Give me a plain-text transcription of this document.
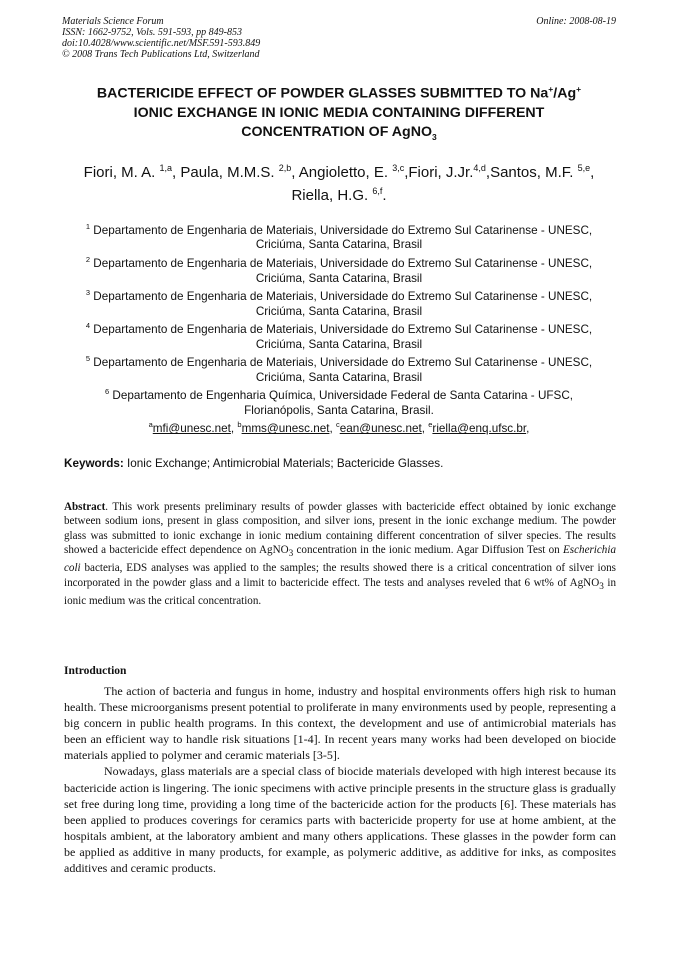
Materials Science Forum	Online: 2008-08-19
ISSN: 1662-9752, Vols. 591-593, pp 849-853
doi:10.4028/www.scientific.net/MSF.591-593.849
© 2008 Trans Tech Publications Ltd, Switzerland
BACTERICIDE EFFECT OF POWDER GLASSES SUBMITTED TO Na+/Ag+
IONIC EXCHANGE IN IONIC MEDIA CONTAINING DIFFERENT
CONCENTRATION OF AgNO$_3$
Fiori, M. A. $^{1,a}$, Paula, M.M.S. $^{2,b}$, Angioletto, E. $^{3,c}$,Fiori, J.Jr.$^{4,d}$,Santos, M.F. $^{5,e}$, Riella, H.G. $^{6,f}$.
$^1$ Departamento de Engenharia de Materiais, Universidade do Extremo Sul Catarinense - UNESC,
Criciúma, Santa Catarina, Brasil
$^2$ Departamento de Engenharia de Materiais, Universidade do Extremo Sul Catarinense - UNESC,
Criciúma, Santa Catarina, Brasil
$^3$ Departamento de Engenharia de Materiais, Universidade do Extremo Sul Catarinense - UNESC,
Criciúma, Santa Catarina, Brasil
$^4$ Departamento de Engenharia de Materiais, Universidade do Extremo Sul Catarinense - UNESC,
Criciúma, Santa Catarina, Brasil
$^5$ Departamento de Engenharia de Materiais, Universidade do Extremo Sul Catarinense - UNESC,
Criciúma, Santa Catarina, Brasil
$^6$ Departamento de Engenharia Química, Universidade Federal de Santa Catarina - UFSC,
Florianópolis, Santa Catarina, Brasil.
$^a$mfi@unesc.net, $^b$mms@unesc.net, $^c$ean@unesc.net, $^e$riella@enq.ufsc.br,
Keywords: Ionic Exchange; Antimicrobial Materials; Bactericide Glasses.
Abstract. This work presents preliminary results of powder glasses with bactericide effect obtained by ionic exchange between sodium ions, present in glass composition, and silver ions, present in the ionic exchange medium. The powder glass was submitted to ionic exchange in ionic medium containing different concentration of silver species. The results showed a bactericide effect dependence on AgNO$_3$ concentration in the ionic medium. Agar Diffusion Test on Escherichia coli bacteria, EDS analyses was applied to the samples; the results showed there is a critical concentration of silver ions incorporated in the powder glass and a limit to bactericide effect. The tests and analyses reveled that 6 wt% of AgNO$_3$ in ionic medium was the critical concentration.
Introduction

The action of bacteria and fungus in home, industry and hospital environments offers high risk to human health. These microorganisms present potential to proliferate in many environments used by people, representing a big concern in public health programs. In this context, the development and use of antimicrobial materials has been an efficient way to handle risk situations [1-4]. In recent years many works had been developed on biocide materials applied to polymer and ceramic materials [3-5].

Nowadays, glass materials are a special class of biocide materials developed with high interest because its bactericide action is lingering. The ionic specimens with active principle presents in the structure glass is gradually set free during long time, providing a long time of the bactericide action for the products [6]. These materials has been applied to produces coverings for ceramics parts with bactericide property for use at home ambient, at the hospitals ambient, at the laboratory ambient and many others applications. These glasses in the powder form can be applied as additive in many products, for example, as polymeric additive, as additive for inks, as composites additives and ceramic products.
